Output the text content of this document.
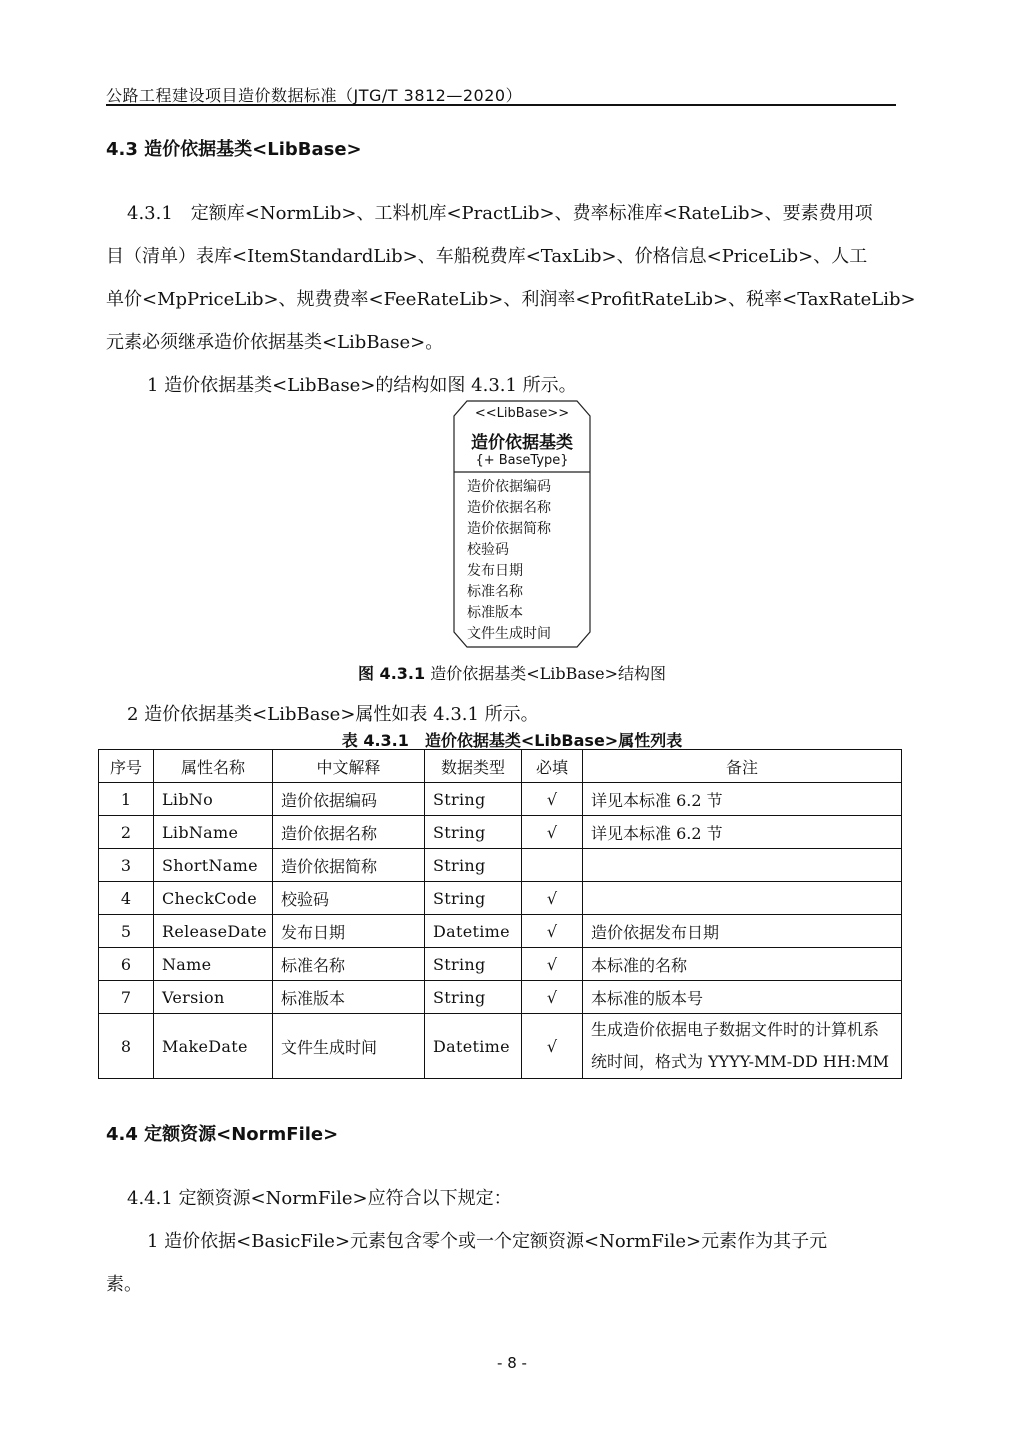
公路工程建设项目造价数据标准（JTG/T 3812—2020）
4.3 造价依据基类<LibBase>
4.3.1　定额库<NormLib>、工料机库<PractLib>、费率标准库<RateLib>、要素费用项
目（清单）表库<ItemStandardLib>、车船税费库<TaxLib>、价格信息<PriceLib>、人工
单价<MpPriceLib>、规费费率<FeeRateLib>、利润率<ProfitRateLib>、税率<TaxRateLib>
元素必须继承造价依据基类<LibBase>。
1 造价依据基类<LibBase>的结构如图 4.3.1 所示。
<<LibBase>>
造价依据基类
{+ BaseType}
造价依据编码
造价依据名称
造价依据简称
校验码
发布日期
标准名称
标准版本
文件生成时间
图 4.3.1 造价依据基类<LibBase>结构图
2 造价依据基类<LibBase>属性如表 4.3.1 所示。
表 4.3.1　造价依据基类<LibBase>属性列表
序号	属性名称	中文解释	数据类型	必填	备注
1	LibNo	造价依据编码	String	√	详见本标准 6.2 节
2	LibName	造价依据名称	String	√	详见本标准 6.2 节
3	ShortName	造价依据简称	String		
4	CheckCode	校验码	String	√	
5	ReleaseDate	发布日期	Datetime	√	造价依据发布日期
6	Name	标准名称	String	√	本标准的名称
7	Version	标准版本	String	√	本标准的版本号
8	MakeDate	文件生成时间	Datetime	√	生成造价依据电子数据文件时的计算机系统时间，格式为 YYYY-MM-DD HH:MM
4.4 定额资源<NormFile>
4.4.1 定额资源<NormFile>应符合以下规定：
1 造价依据<BasicFile>元素包含零个或一个定额资源<NormFile>元素作为其子元
素。
- 8 -
